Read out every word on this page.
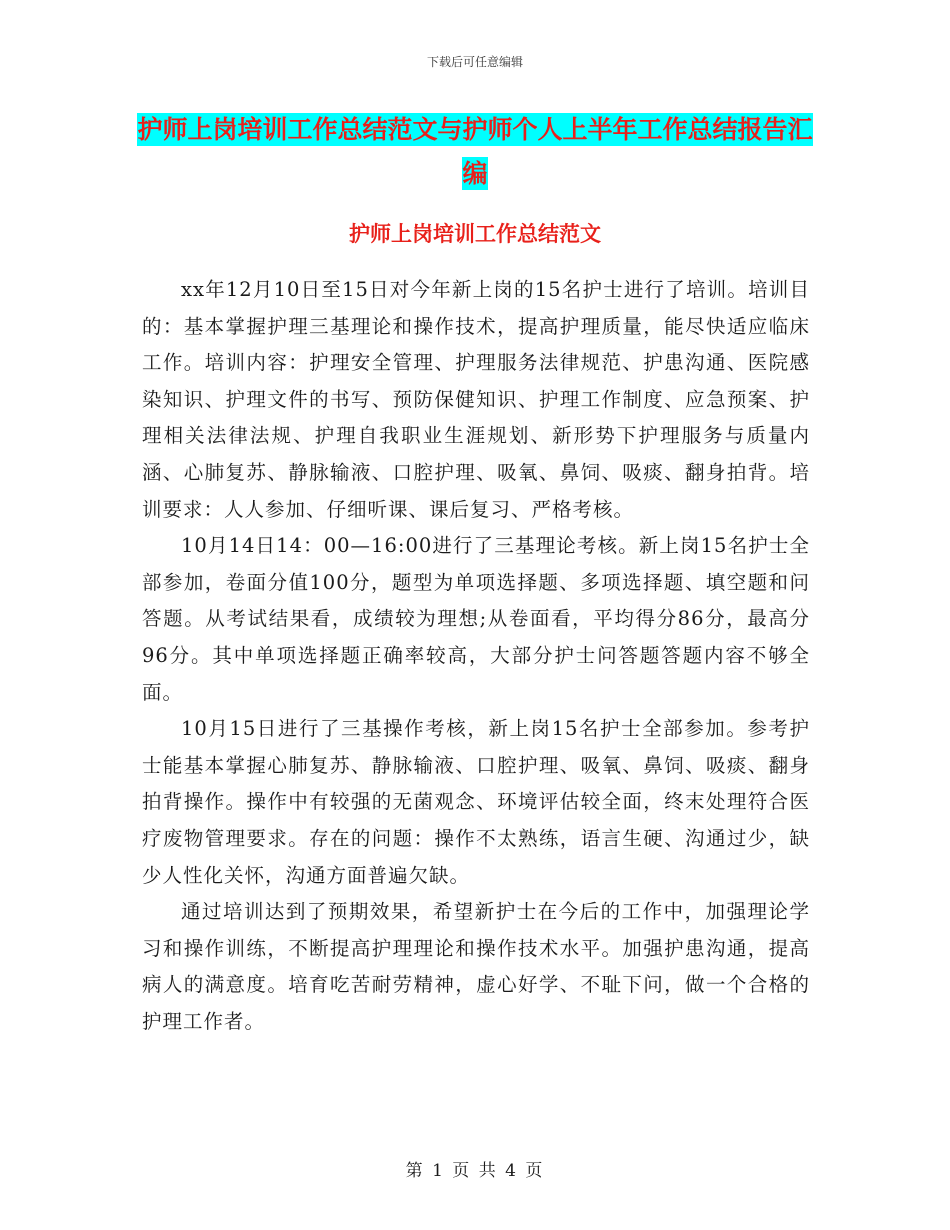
下载后可任意编辑
护师上岗培训工作总结范文与护师个人上半年工作总结报告汇编
护师上岗培训工作总结范文

xx年12月10日至15日对今年新上岗的15名护士进行了培训。培训目的：基本掌握护理三基理论和操作技术，提高护理质量，能尽快适应临床工作。培训内容：护理安全管理、护理服务法律规范、护患沟通、医院感染知识、护理文件的书写、预防保健知识、护理工作制度、应急预案、护理相关法律法规、护理自我职业生涯规划、新形势下护理服务与质量内涵、心肺复苏、静脉输液、口腔护理、吸氧、鼻饲、吸痰、翻身拍背。培训要求：人人参加、仔细听课、课后复习、严格考核。

10月14日14：00—16:00进行了三基理论考核。新上岗15名护士全部参加，卷面分值100分，题型为单项选择题、多项选择题、填空题和问答题。从考试结果看，成绩较为理想;从卷面看，平均得分86分，最高分96分。其中单项选择题正确率较高，大部分护士问答题答题内容不够全面。

10月15日进行了三基操作考核，新上岗15名护士全部参加。参考护士能基本掌握心肺复苏、静脉输液、口腔护理、吸氧、鼻饲、吸痰、翻身拍背操作。操作中有较强的无菌观念、环境评估较全面，终末处理符合医疗废物管理要求。存在的问题：操作不太熟练，语言生硬、沟通过少，缺少人性化关怀，沟通方面普遍欠缺。

通过培训达到了预期效果，希望新护士在今后的工作中，加强理论学习和操作训练，不断提高护理理论和操作技术水平。加强护患沟通，提高病人的满意度。培育吃苦耐劳精神，虚心好学、不耻下问，做一个合格的护理工作者。

第 1 页 共 4 页
